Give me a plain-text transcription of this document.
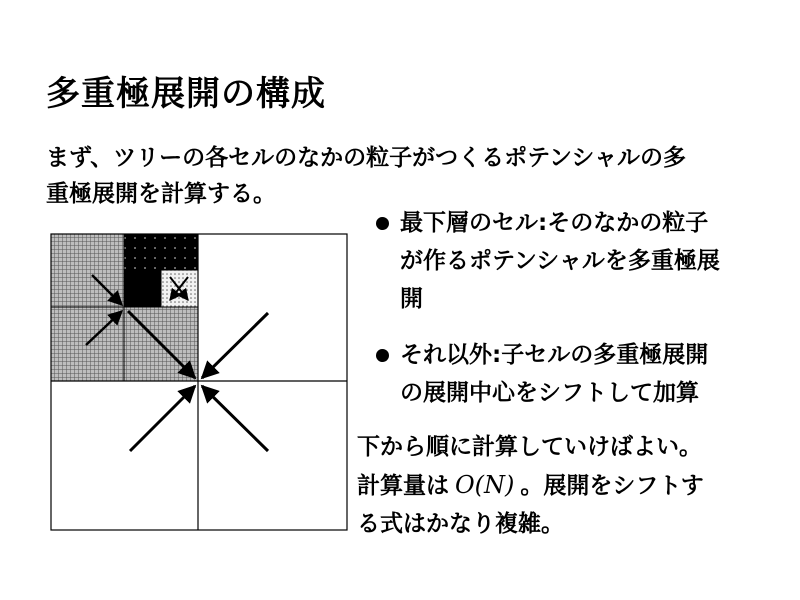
多重極展開の構成
まず、ツリーの各セルのなかの粒子がつくるポテンシャルの多
重極展開を計算する。
最下層のセル:そのなかの粒子
が作るポテンシャルを多重極展
開
それ以外:子セルの多重極展開
の展開中心をシフトして加算
下から順に計算していけばよい。
計算量は O(N) 。展開をシフトす
る式はかなり複雑。
